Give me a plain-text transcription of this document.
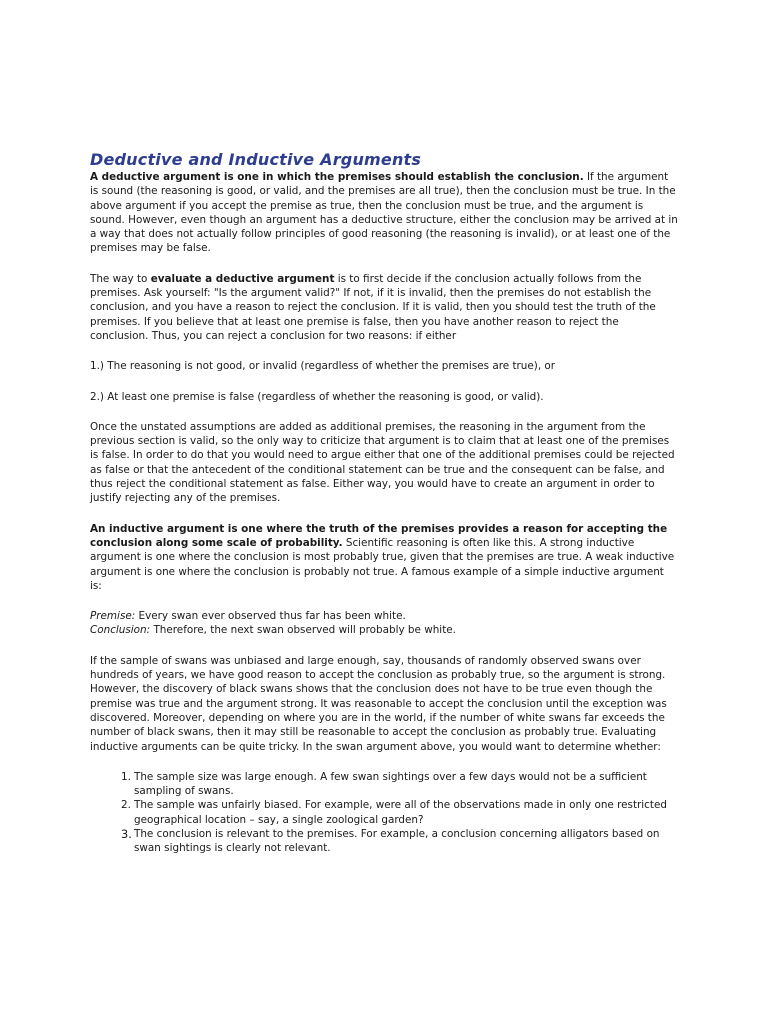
Deductive and Inductive Arguments

A deductive argument is one in which the premises should establish the conclusion. If the argument is sound (the reasoning is good, or valid, and the premises are all true), then the conclusion must be true. In the above argument if you accept the premise as true, then the conclusion must be true, and the argument is sound. However, even though an argument has a deductive structure, either the conclusion may be arrived at in a way that does not actually follow principles of good reasoning (the reasoning is invalid), or at least one of the premises may be false.

The way to evaluate a deductive argument is to first decide if the conclusion actually follows from the premises. Ask yourself: "Is the argument valid?" If not, if it is invalid, then the premises do not establish the conclusion, and you have a reason to reject the conclusion. If it is valid, then you should test the truth of the premises. If you believe that at least one premise is false, then you have another reason to reject the conclusion. Thus, you can reject a conclusion for two reasons: if either

1.) The reasoning is not good, or invalid (regardless of whether the premises are true), or

2.) At least one premise is false (regardless of whether the reasoning is good, or valid).

Once the unstated assumptions are added as additional premises, the reasoning in the argument from the previous section is valid, so the only way to criticize that argument is to claim that at least one of the premises is false. In order to do that you would need to argue either that one of the additional premises could be rejected as false or that the antecedent of the conditional statement can be true and the consequent can be false, and thus reject the conditional statement as false. Either way, you would have to create an argument in order to justify rejecting any of the premises.

An inductive argument is one where the truth of the premises provides a reason for accepting the conclusion along some scale of probability. Scientific reasoning is often like this. A strong inductive argument is one where the conclusion is most probably true, given that the premises are true. A weak inductive argument is one where the conclusion is probably not true. A famous example of a simple inductive argument is:

Premise: Every swan ever observed thus far has been white.

Conclusion: Therefore, the next swan observed will probably be white.

If the sample of swans was unbiased and large enough, say, thousands of randomly observed swans over hundreds of years, we have good reason to accept the conclusion as probably true, so the argument is strong. However, the discovery of black swans shows that the conclusion does not have to be true even though the premise was true and the argument strong. It was reasonable to accept the conclusion until the exception was discovered. Moreover, depending on where you are in the world, if the number of white swans far exceeds the number of black swans, then it may still be reasonable to accept the conclusion as probably true. Evaluating inductive arguments can be quite tricky. In the swan argument above, you would want to determine whether:

1. The sample size was large enough. A few swan sightings over a few days would not be a sufficient sampling of swans.
2. The sample was unfairly biased. For example, were all of the observations made in only one restricted geographical location – say, a single zoological garden?
3. The conclusion is relevant to the premises. For example, a conclusion concerning alligators based on swan sightings is clearly not relevant.
